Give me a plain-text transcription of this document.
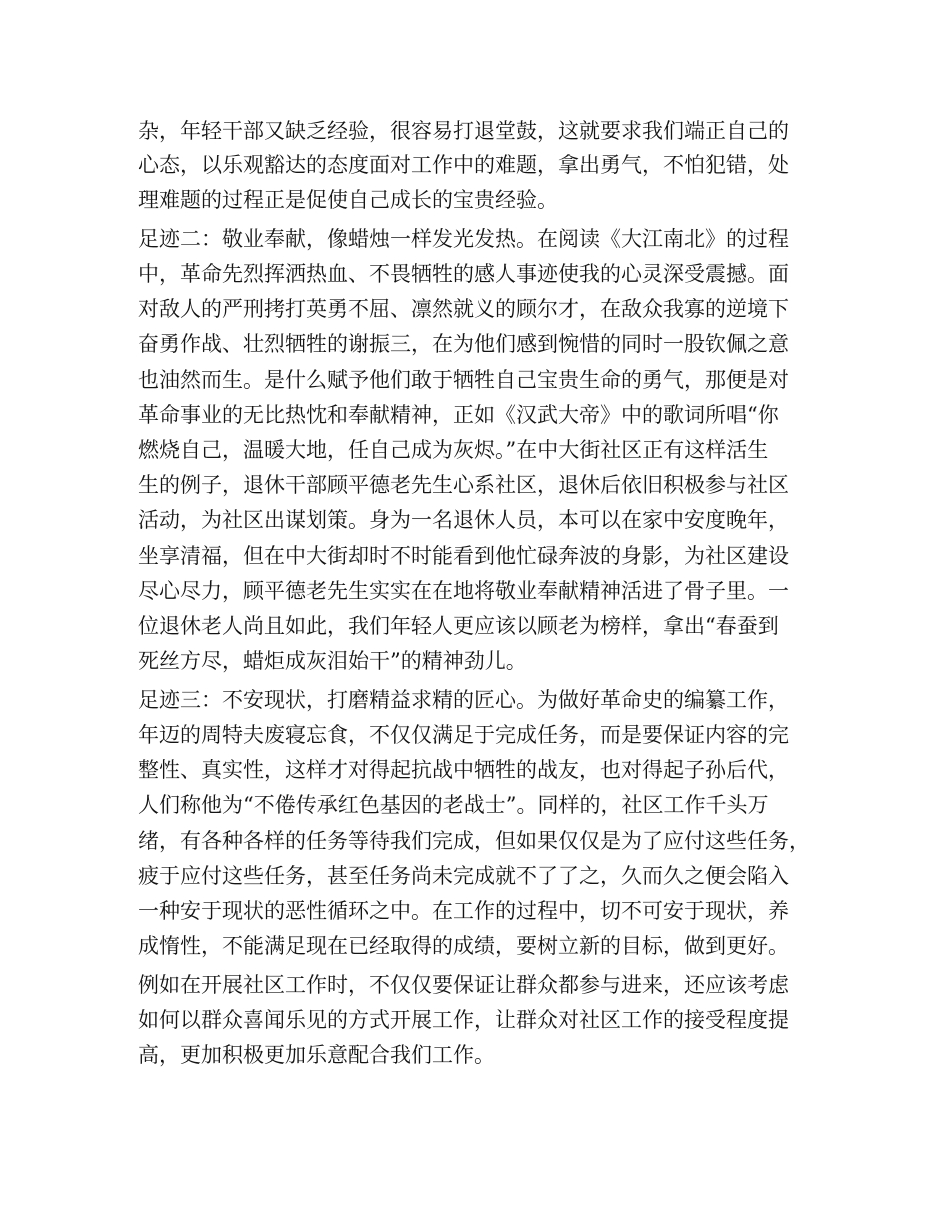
杂，年轻干部又缺乏经验，很容易打退堂鼓，这就要求我们端正自己的
心态，以乐观豁达的态度面对工作中的难题，拿出勇气，不怕犯错，处
理难题的过程正是促使自己成长的宝贵经验。
足迹二：敬业奉献，像蜡烛一样发光发热。在阅读《大江南北》的过程
中，革命先烈挥洒热血、不畏牺牲的感人事迹使我的心灵深受震撼。面
对敌人的严刑拷打英勇不屈、凛然就义的顾尔才，在敌众我寡的逆境下
奋勇作战、壮烈牺牲的谢振三，在为他们感到惋惜的同时一股钦佩之意
也油然而生。是什么赋予他们敢于牺牲自己宝贵生命的勇气，那便是对
革命事业的无比热忱和奉献精神，正如《汉武大帝》中的歌词所唱“你
燃烧自己，温暖大地，任自己成为灰烬。”在中大街社区正有这样活生
生的例子，退休干部顾平德老先生心系社区，退休后依旧积极参与社区
活动，为社区出谋划策。身为一名退休人员，本可以在家中安度晚年，
坐享清福，但在中大街却时不时能看到他忙碌奔波的身影，为社区建设
尽心尽力，顾平德老先生实实在在地将敬业奉献精神活进了骨子里。一
位退休老人尚且如此，我们年轻人更应该以顾老为榜样，拿出“春蚕到
死丝方尽，蜡炬成灰泪始干”的精神劲儿。
足迹三：不安现状，打磨精益求精的匠心。为做好革命史的编纂工作，
年迈的周特夫废寝忘食，不仅仅满足于完成任务，而是要保证内容的完
整性、真实性，这样才对得起抗战中牺牲的战友，也对得起子孙后代，
人们称他为“不倦传承红色基因的老战士”。同样的，社区工作千头万
绪，有各种各样的任务等待我们完成，但如果仅仅是为了应付这些任务，
疲于应付这些任务，甚至任务尚未完成就不了了之，久而久之便会陷入
一种安于现状的恶性循环之中。在工作的过程中，切不可安于现状，养
成惰性，不能满足现在已经取得的成绩，要树立新的目标，做到更好。
例如在开展社区工作时，不仅仅要保证让群众都参与进来，还应该考虑
如何以群众喜闻乐见的方式开展工作，让群众对社区工作的接受程度提
高，更加积极更加乐意配合我们工作。
